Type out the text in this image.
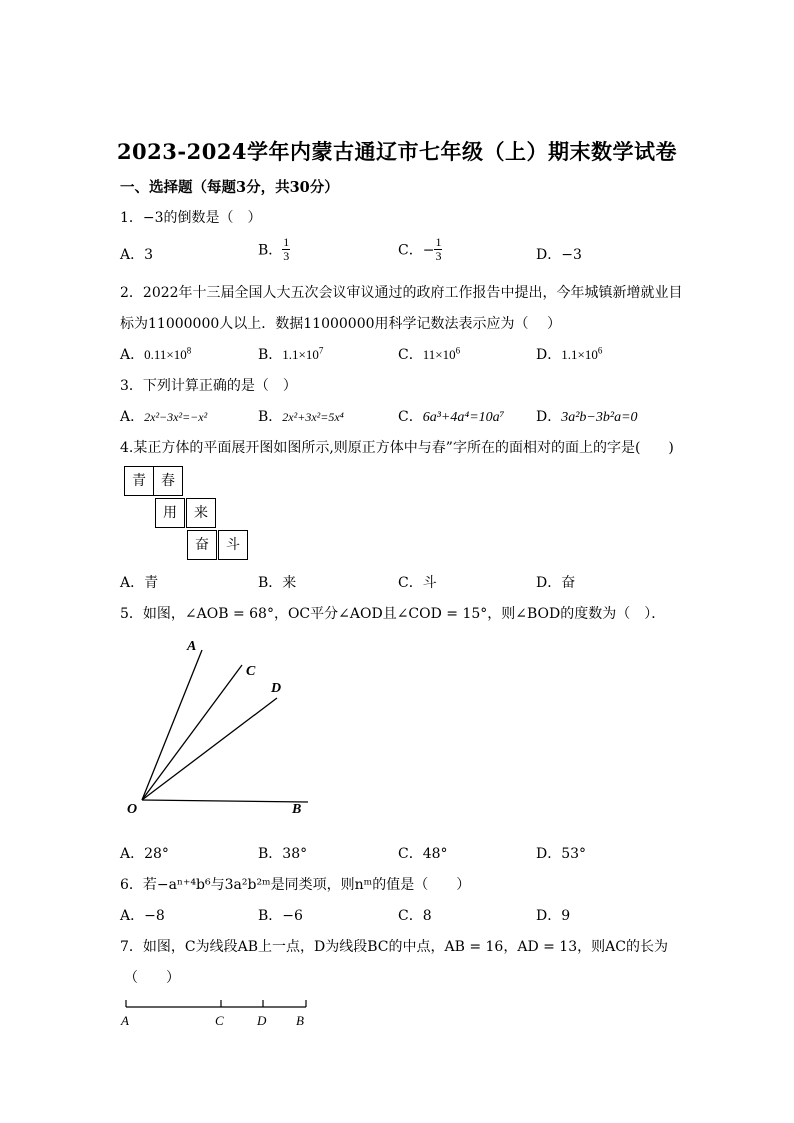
2023-2024学年内蒙古通辽市七年级（上）期末数学试卷
一、选择题（每题3分，共30分）
1．−3的倒数是（　）
A．3	B． $\frac{1}{3}$	C．− $\frac{1}{3}$	D．−3
2．2022年十三届全国人大五次会议审议通过的政府工作报告中提出，今年城镇新增就业目
标为11000000人以上．数据11000000用科学记数法表示应为（　 ）
A．$0.11\times 10^8$	B．$1.1\times 10^7$	C．$11\times 10^6$	D．$1.1\times 10^6$
3．下列计算正确的是（　）
A．2x²−3x²=−x²	B．2x²+3x²=5x⁴	C．6a³+4a⁴=10a⁷ D．3a²b−3b²a=0
4.某正方体的平面展开图如图所示,则原正方体中与春”字所在的面相对的面上的字是(　　)
青	春
用	来
奋	斗
A．青	B．来	C．斗	D．奋
5．如图，∠AOB = 68°，OC平分∠AOD且∠COD = 15°，则∠BOD的度数为（　）．
A
C
D
O	B
A．28°	B．38°	C．48°	D．53°
6．若−aⁿ⁺⁴b⁶与3a²b²ᵐ是同类项，则nᵐ的值是（　　）
A．−8	B．−6	C．8	D．9
7．如图，C为线段AB上一点，D为线段BC的中点，AB = 16，AD = 13，则AC的长为
（　　）
A	C	D B
